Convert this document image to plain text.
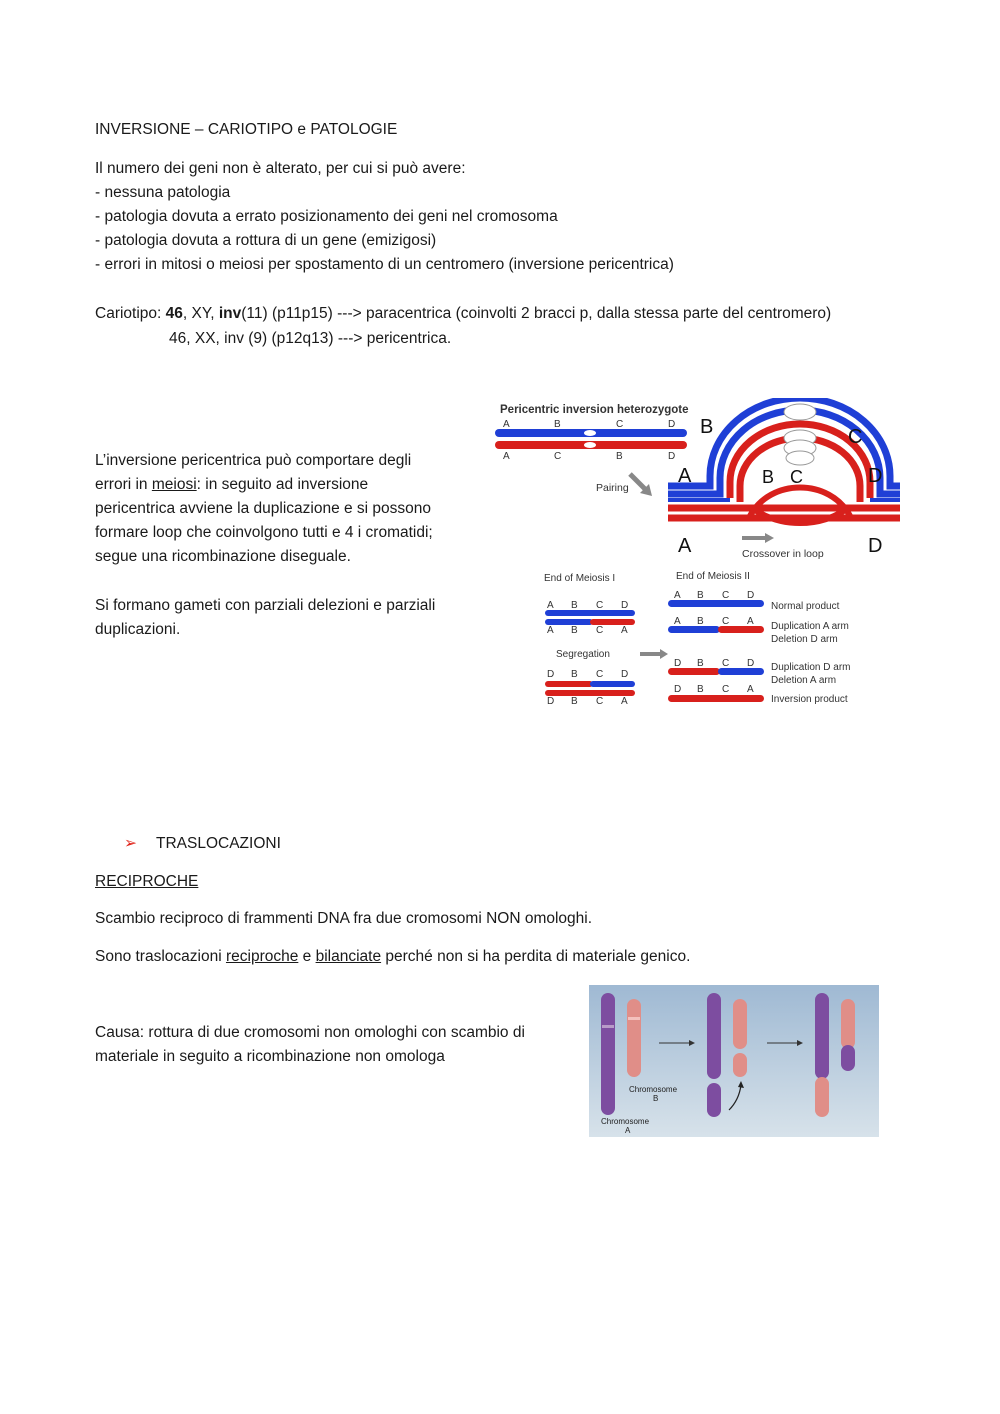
INVERSIONE – CARIOTIPO e PATOLOGIE
Il numero dei geni non è alterato, per cui si può avere:
- nessuna patologia
- patologia dovuta a errato posizionamento dei geni nel cromosoma
- patologia dovuta a rottura di un gene (emizigosi)
- errori in mitosi o meiosi per spostamento di un centromero (inversione pericentrica)
Cariotipo: 46, XY, inv(11) (p11p15) ---> paracentrica (coinvolti 2 bracci p, dalla stessa parte del centromero)
46, XX, inv (9) (p12q13) ---> pericentrica.
L’inversione pericentrica può comportare degli
errori in meiosi: in seguito ad inversione
pericentrica avviene la duplicazione e si possono
formare loop che coinvolgono tutti e 4 i cromatidi;
segue una ricombinazione diseguale.
Si formano gameti con parziali delezioni e parziali
duplicazioni.
Pericentric inversion heterozygote
A	B	C	D
A	C	B	D
Pairing
B	C
A	D
B C
A	D
Crossover in loop
End of Meiosis I	End of Meiosis II
Segregation
A B C D
A B C A
D B C D
D B C A
A B C D
A B C A
D B C D
D B C A
Normal product
Duplication A arm
Deletion D arm
Duplication D arm
Deletion A arm
Inversion product
➢ TRASLOCAZIONI
RECIPROCHE
Scambio reciproco di frammenti DNA fra due cromosomi NON omologhi.
Sono traslocazioni reciproche e bilanciate perché non si ha perdita di materiale genico.
Causa: rottura di due cromosomi non omologhi con scambio di
materiale in seguito a ricombinazione non omologa
Chromosome
B
Chromosome
A
